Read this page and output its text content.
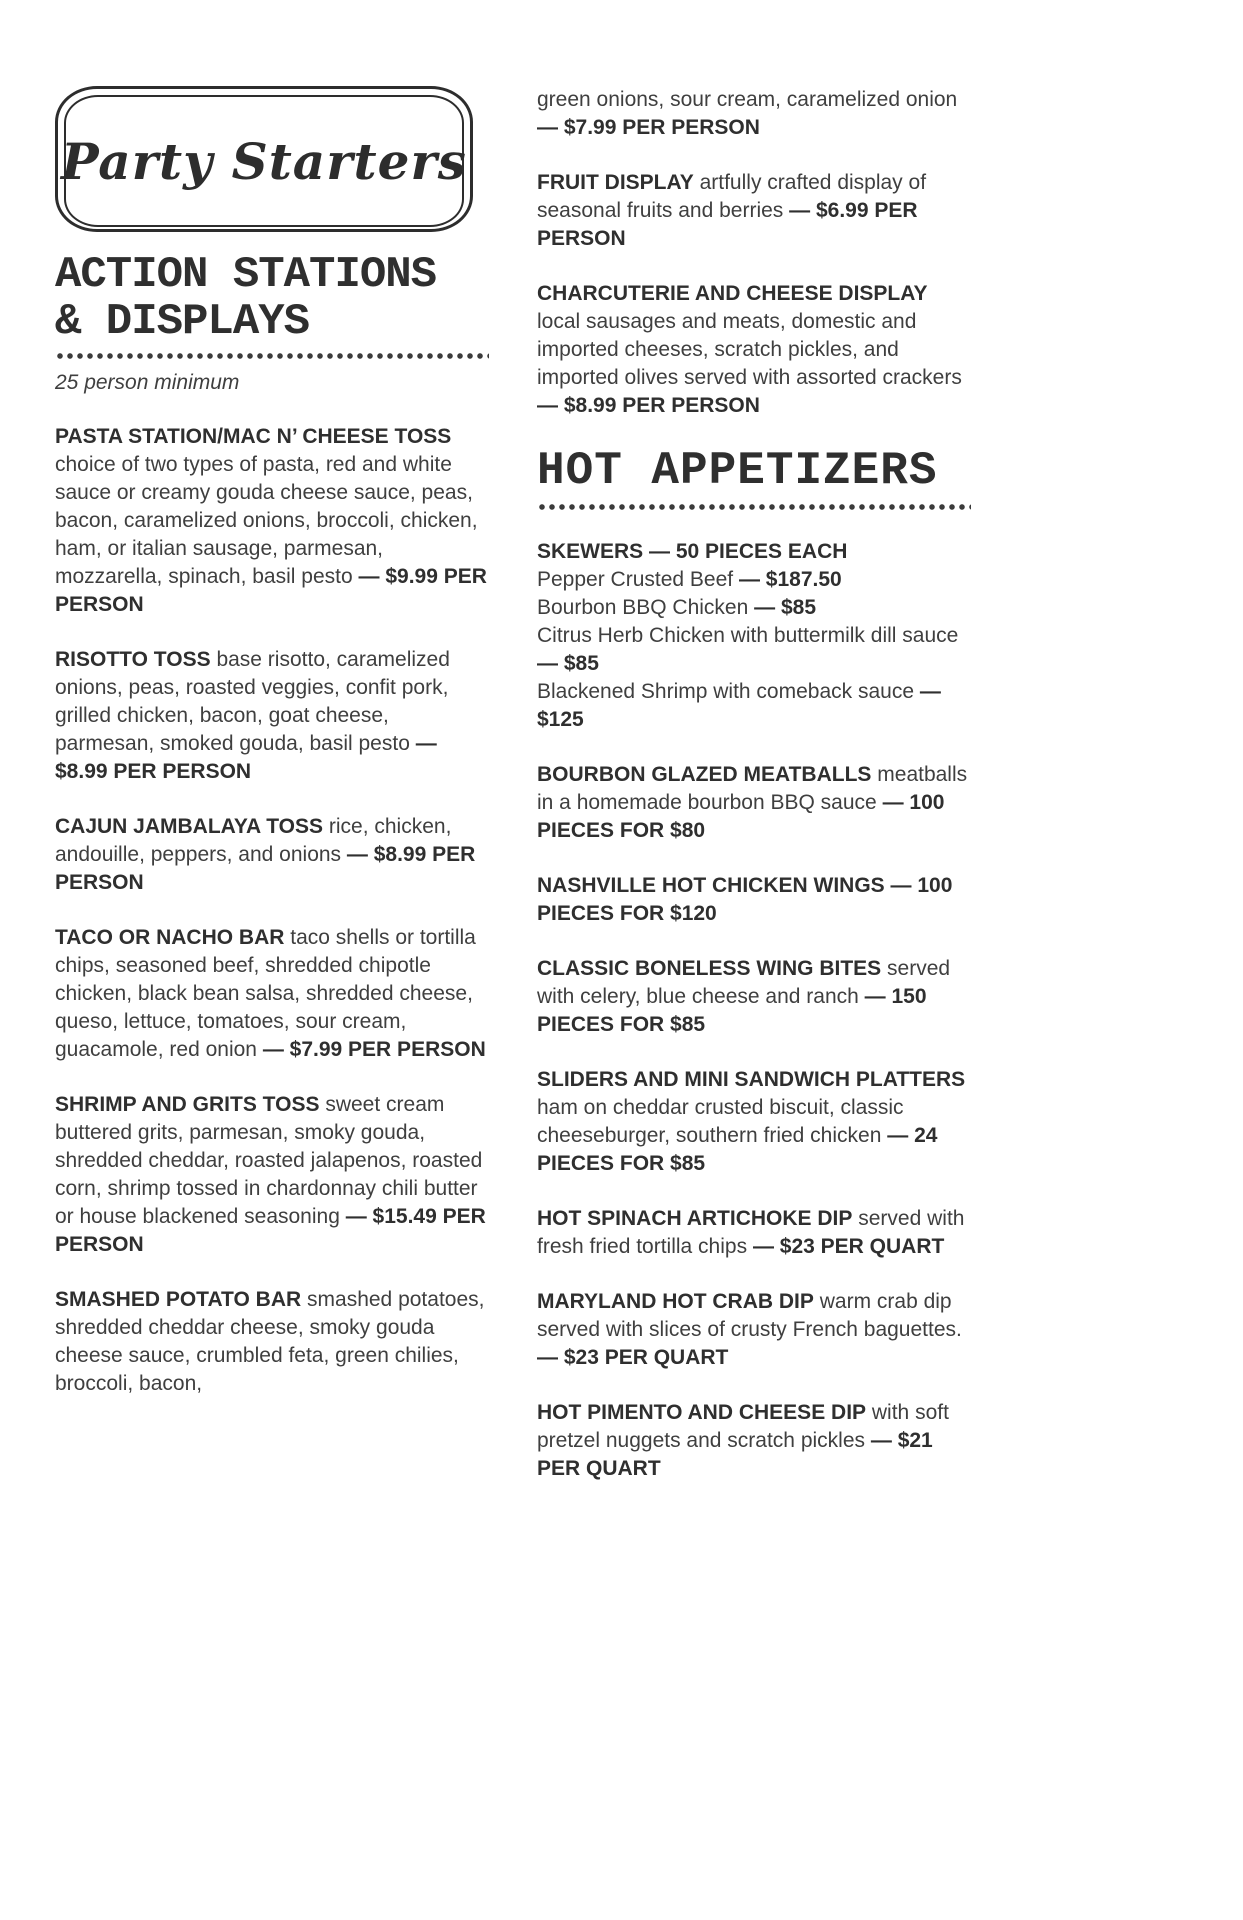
Party Starters
ACTION STATIONS
& DISPLAYS

25 person minimum

PASTA STATION/MAC N’ CHEESE TOSS choice of two types of pasta, red and white sauce or creamy gouda cheese sauce, peas, bacon, caramelized onions, broccoli, chicken, ham, or italian sausage, parmesan, mozzarella, spinach, basil pesto — $9.99 PER PERSON

RISOTTO TOSS base risotto, caramelized onions, peas, roasted veggies, confit pork, grilled chicken, bacon, goat cheese, parmesan, smoked gouda, basil pesto — $8.99 PER PERSON

CAJUN JAMBALAYA TOSS rice, chicken, andouille, peppers, and onions — $8.99 PER PERSON

TACO OR NACHO BAR taco shells or tortilla chips, seasoned beef, shredded chipotle chicken, black bean salsa, shredded cheese, queso, lettuce, tomatoes, sour cream, guacamole, red onion — $7.99 PER PERSON

SHRIMP AND GRITS TOSS sweet cream buttered grits, parmesan, smoky gouda, shredded cheddar, roasted jalapenos, roasted corn, shrimp tossed in chardonnay chili butter or house blackened seasoning — $15.49 PER PERSON

SMASHED POTATO BAR smashed potatoes, shredded cheddar cheese, smoky gouda cheese sauce, crumbled feta, green chilies, broccoli, bacon,

green onions, sour cream, caramelized onion — $7.99 PER PERSON

FRUIT DISPLAY artfully crafted display of seasonal fruits and berries — $6.99 PER PERSON

CHARCUTERIE AND CHEESE DISPLAY local sausages and meats, domestic and imported cheeses, scratch pickles, and imported olives served with assorted crackers — $8.99 PER PERSON

HOT APPETIZERS
SKEWERS — 50 PIECES EACH
Pepper Crusted Beef — $187.50
Bourbon BBQ Chicken — $85
Citrus Herb Chicken with buttermilk dill sauce — $85
Blackened Shrimp with comeback sauce — $125

BOURBON GLAZED MEATBALLS meatballs in a homemade bourbon BBQ sauce — 100 PIECES FOR $80

NASHVILLE HOT CHICKEN WINGS — 100 PIECES FOR $120

CLASSIC BONELESS WING BITES served with celery, blue cheese and ranch — 150 PIECES FOR $85

SLIDERS AND MINI SANDWICH PLATTERS ham on cheddar crusted biscuit, classic cheeseburger, southern fried chicken — 24 PIECES FOR $85

HOT SPINACH ARTICHOKE DIP served with fresh fried tortilla chips — $23 PER QUART

MARYLAND HOT CRAB DIP warm crab dip served with slices of crusty French baguettes. — $23 PER QUART

HOT PIMENTO AND CHEESE DIP with soft pretzel nuggets and scratch pickles — $21 PER QUART
